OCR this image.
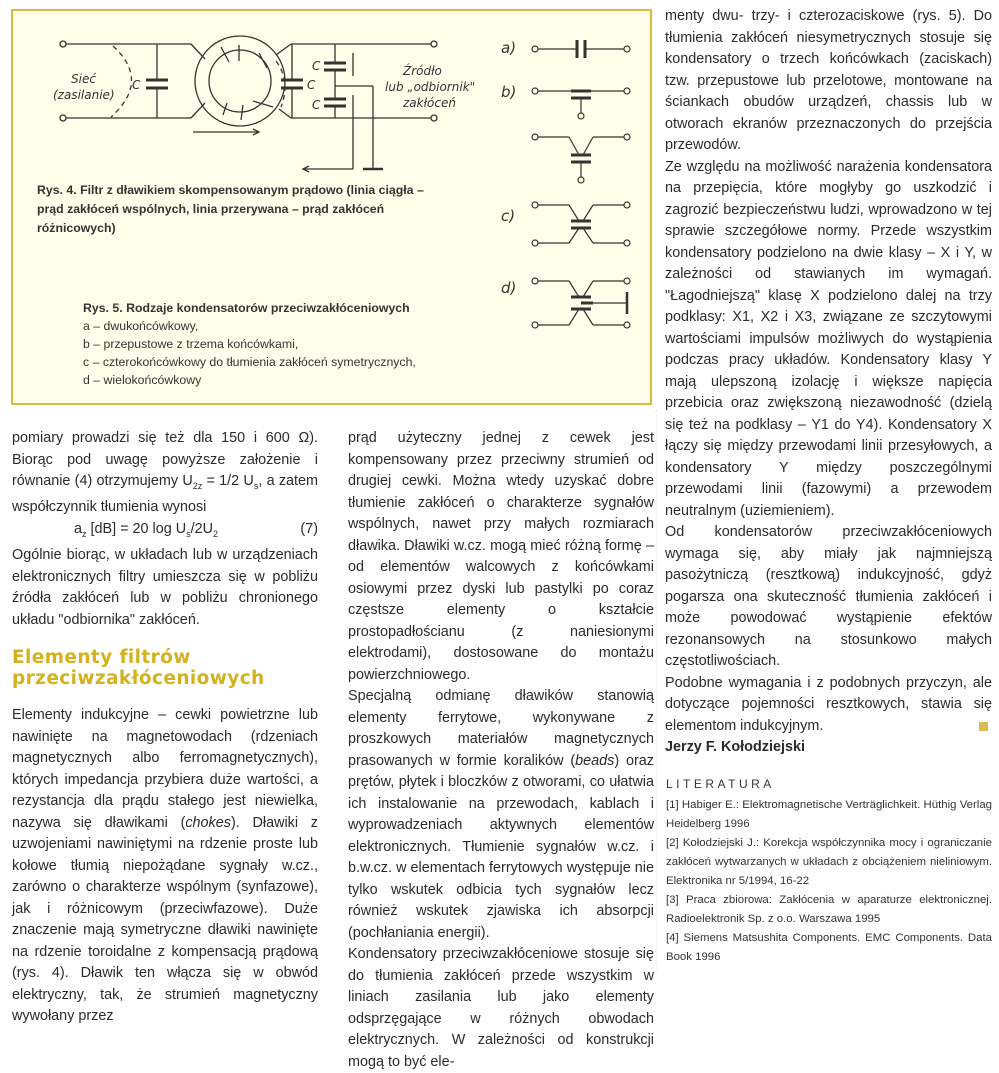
Sieć
(zasilanie)
C	C
C
C
Źródło
lub „odbiornik"
zakłóceń
Rys. 4. Filtr z dławikiem skompensowanym prądowo (linia ciągła – prąd zakłóceń wspólnych, linia przerywana – prąd zakłóceń różnicowych)
a)
b)
c)
d)
Rys. 5. Rodzaje kondensatorów przeciwzakłóceniowych
a – dwukońcówkowy,
b – przepustowe z trzema końcówkami,
c – czterokońcówkowy do tłumienia zakłóceń symetrycznych,
d – wielokońcówkowy

pomiary prowadzi się też dla 150 i 600 Ω). Biorąc pod uwagę powyższe założenie i równanie (4) otrzymujemy $U_{2z} = 1/2$ $U_s$, a zatem współczynnik tłumienia wynosi

$a_z$ [dB] = 20 $\log U_s/2U_2$	(7)

Ogólnie biorąc, w układach lub w urządzeniach elektronicznych filtry umieszcza się w pobliżu źródła zakłóceń lub w pobliżu chronionego układu "odbiornika" zakłóceń.

Elementy filtrów przeciwzakłóceniowych

Elementy indukcyjne – cewki powietrzne lub nawinięte na magnetowodach (rdzeniach magnetycznych albo ferromagnetycznych), których impedancja przybiera duże wartości, a rezystancja dla prądu stałego jest niewielka, nazywa się dławikami (chokes). Dławiki z uzwojeniami nawiniętymi na rdzenie proste lub kołowe tłumią niepożądane sygnały w.cz., zarówno o charakterze wspólnym (synfazowe), jak i różnicowym (przeciwfazowe). Duże znaczenie mają symetryczne dławiki nawinięte na rdzenie toroidalne z kompensacją prądową (rys. 4). Dławik ten włącza się w obwód elektryczny, tak, że strumień magnetyczny wywołany przez

prąd użyteczny jednej z cewek jest kompensowany przez przeciwny strumień od drugiej cewki. Można wtedy uzyskać dobre tłumienie zakłóceń o charakterze sygnałów wspólnych, nawet przy małych rozmiarach dławika. Dławiki w.cz. mogą mieć różną formę – od elementów walcowych z końcówkami osiowymi przez dyski lub pastylki po coraz częstsze elementy o kształcie prostopadłościanu (z naniesionymi elektrodami), dostosowane do montażu powierzchniowego.

Specjalną odmianę dławików stanowią elementy ferrytowe, wykonywane z proszkowych materiałów magnetycznych prasowanych w formie koralików (beads) oraz prętów, płytek i bloczków z otworami, co ułatwia ich instalowanie na przewodach, kablach i wyprowadzeniach aktywnych elementów elektronicznych. Tłumienie sygnałów w.cz. i b.w.cz. w elementach ferrytowych występuje nie tylko wskutek odbicia tych sygnałów lecz również wskutek zjawiska ich absorpcji (pochłaniania energii).

Kondensatory przeciwzakłóceniowe stosuje się do tłumienia zakłóceń przede wszystkim w liniach zasilania lub jako elementy odsprzęgające w różnych obwodach elektrycznych. W zależności od konstrukcji mogą to być ele-

menty dwu- trzy- i czterozaciskowe (rys. 5). Do tłumienia zakłóceń niesymetrycznych stosuje się kondensatory o trzech końcówkach (zaciskach) tzw. przepustowe lub przelotowe, montowane na ściankach obudów urządzeń, chassis lub w otworach ekranów przeznaczonych do przejścia przewodów.

Ze względu na możliwość narażenia kondensatora na przepięcia, które mogłyby go uszkodzić i zagrozić bezpieczeństwu ludzi, wprowadzono w tej sprawie szczegółowe normy. Przede wszystkim kondensatory podzielono na dwie klasy – X i Y, w zależności od stawianych im wymagań. "Łagodniejszą" klasę X podzielono dalej na trzy podklasy: X1, X2 i X3, związane ze szczytowymi wartościami impulsów możliwych do wystąpienia podczas pracy układów. Kondensatory klasy Y mają ulepszoną izolację i większe napięcia przebicia oraz zwiększoną niezawodność (dzielą się też na podklasy – Y1 do Y4). Kondensatory X łączy się między przewodami linii przesyłowych, a kondensatory Y między poszczególnymi przewodami linii (fazowymi) a przewodem neutralnym (uziemieniem).

Od kondensatorów przeciwzakłóceniowych wymaga się, aby miały jak najmniejszą pasożytniczą (resztkową) indukcyjność, gdyż pogarsza ona skuteczność tłumienia zakłóceń i może powodować wystąpienie efektów rezonansowych na stosunkowo małych częstotliwościach.

Podobne wymagania i z podobnych przyczyn, ale dotyczące pojemności resztkowych, stawia się elementom indukcyjnym.

Jerzy F. Kołodziejski

LITERATURA

[1] Habiger E.: Elektromagnetische Verträglichkeit. Hüthig Verlag Heidelberg 1996

[2] Kołodziejski J.: Korekcja współczynnika mocy i ograniczanie zakłóceń wytwarzanych w układach z obciążeniem nieliniowym. Elektronika nr 5/1994, 16-22

[3] Praca zbiorowa: Zakłócenia w aparaturze elektronicznej. Radioelektronik Sp. z o.o. Warszawa 1995

[4] Siemens Matsushita Components. EMC Components. Data Book 1996
